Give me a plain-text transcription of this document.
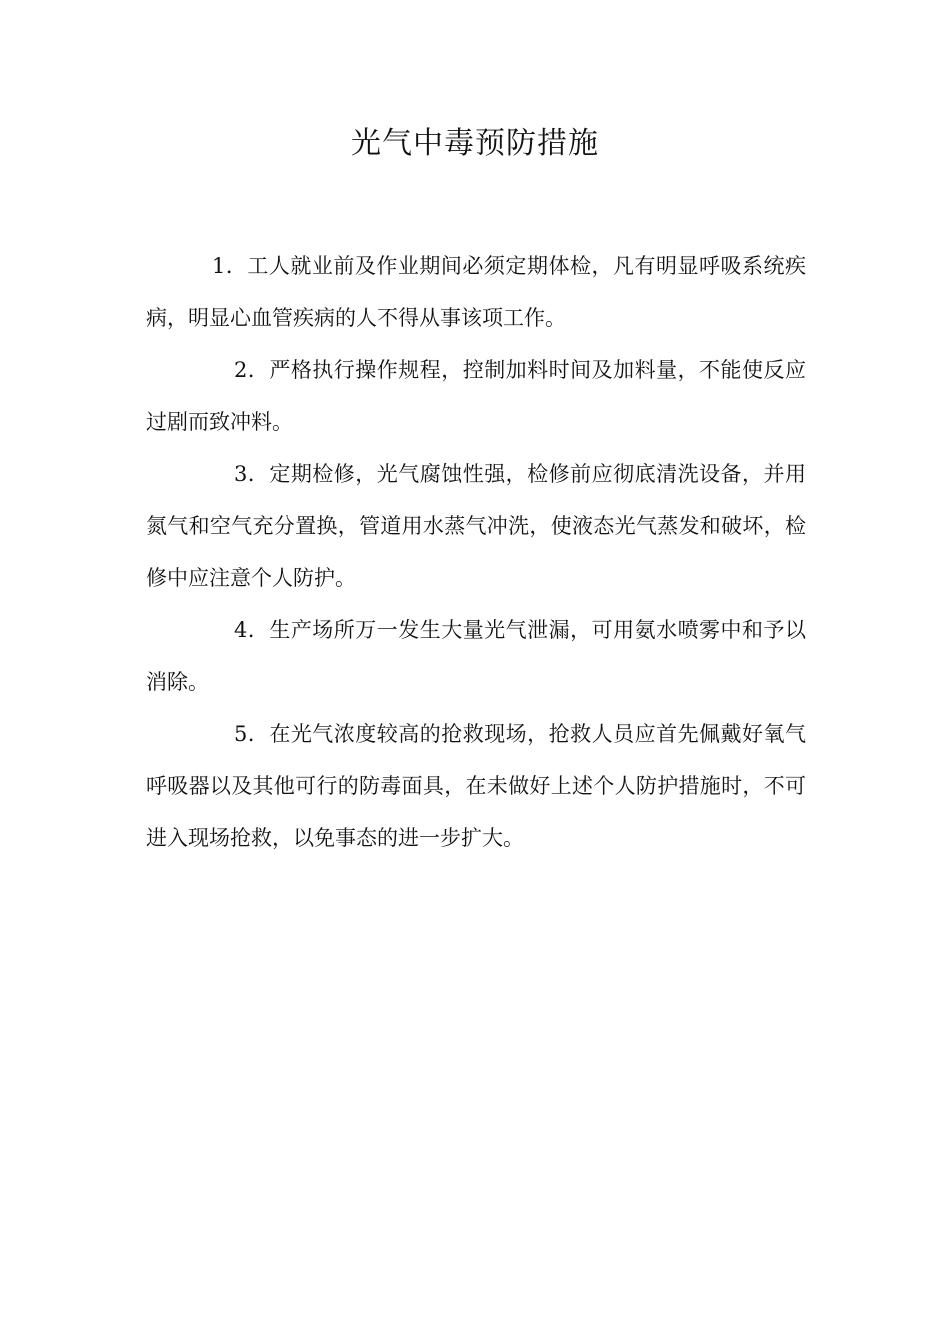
光气中毒预防措施

1．工人就业前及作业期间必须定期体检，凡有明显呼吸系统疾病，明显心血管疾病的人不得从事该项工作。

2．严格执行操作规程，控制加料时间及加料量，不能使反应过剧而致冲料。

3．定期检修，光气腐蚀性强，检修前应彻底清洗设备，并用氮气和空气充分置换，管道用水蒸气冲洗，使液态光气蒸发和破坏，检修中应注意个人防护。

4．生产场所万一发生大量光气泄漏，可用氨水喷雾中和予以消除。

5．在光气浓度较高的抢救现场，抢救人员应首先佩戴好氧气呼吸器以及其他可行的防毒面具，在未做好上述个人防护措施时，不可进入现场抢救，以免事态的进一步扩大。
